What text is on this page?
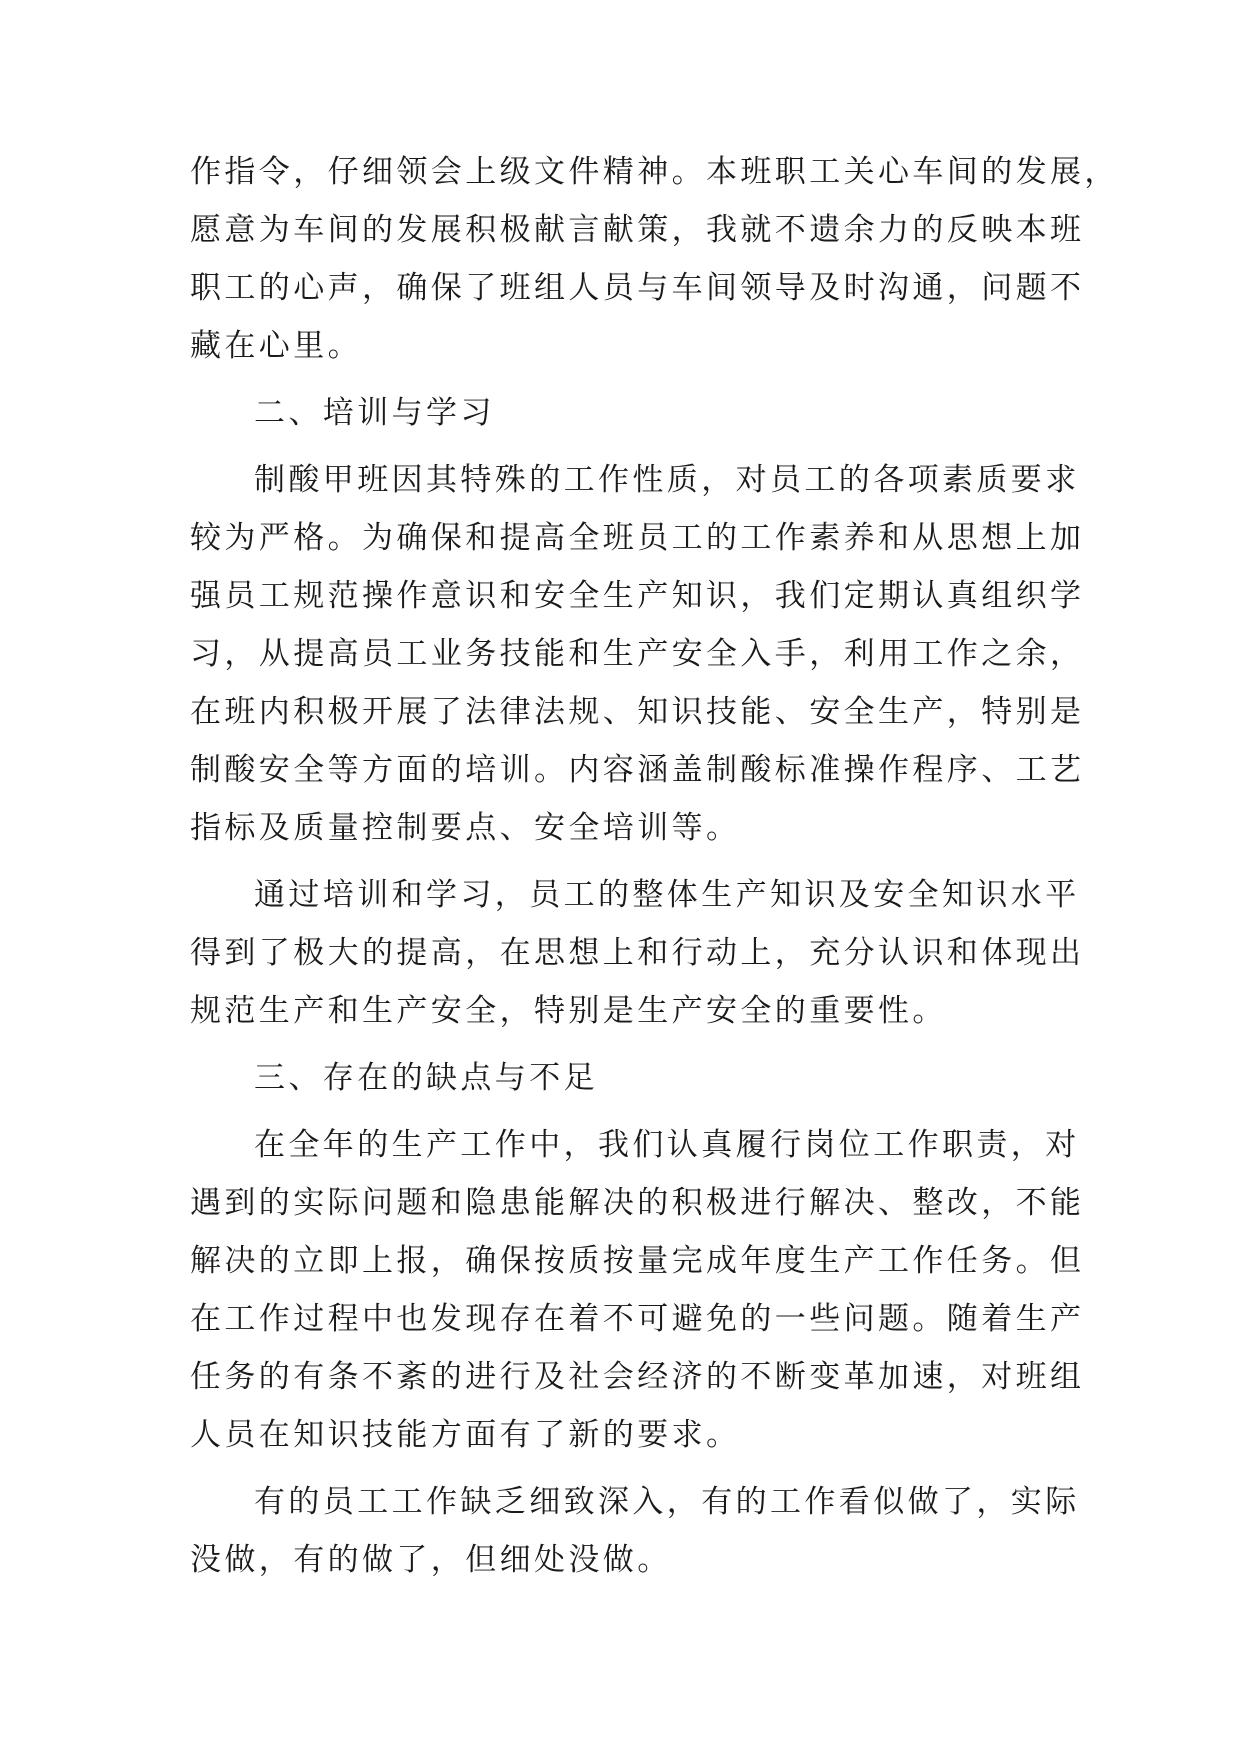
作指令，仔细领会上级文件精神。本班职工关心车间的发展，
愿意为车间的发展积极献言献策，我就不遗余力的反映本班
职工的心声，确保了班组人员与车间领导及时沟通，问题不
藏在心里。
二、培训与学习
制酸甲班因其特殊的工作性质，对员工的各项素质要求
较为严格。为确保和提高全班员工的工作素养和从思想上加
强员工规范操作意识和安全生产知识，我们定期认真组织学
习，从提高员工业务技能和生产安全入手，利用工作之余，
在班内积极开展了法律法规、知识技能、安全生产，特别是
制酸安全等方面的培训。内容涵盖制酸标准操作程序、工艺
指标及质量控制要点、安全培训等。
通过培训和学习，员工的整体生产知识及安全知识水平
得到了极大的提高，在思想上和行动上，充分认识和体现出
规范生产和生产安全，特别是生产安全的重要性。
三、存在的缺点与不足
在全年的生产工作中，我们认真履行岗位工作职责，对
遇到的实际问题和隐患能解决的积极进行解决、整改，不能
解决的立即上报，确保按质按量完成年度生产工作任务。但
在工作过程中也发现存在着不可避免的一些问题。随着生产
任务的有条不紊的进行及社会经济的不断变革加速，对班组
人员在知识技能方面有了新的要求。
有的员工工作缺乏细致深入，有的工作看似做了，实际
没做，有的做了，但细处没做。
